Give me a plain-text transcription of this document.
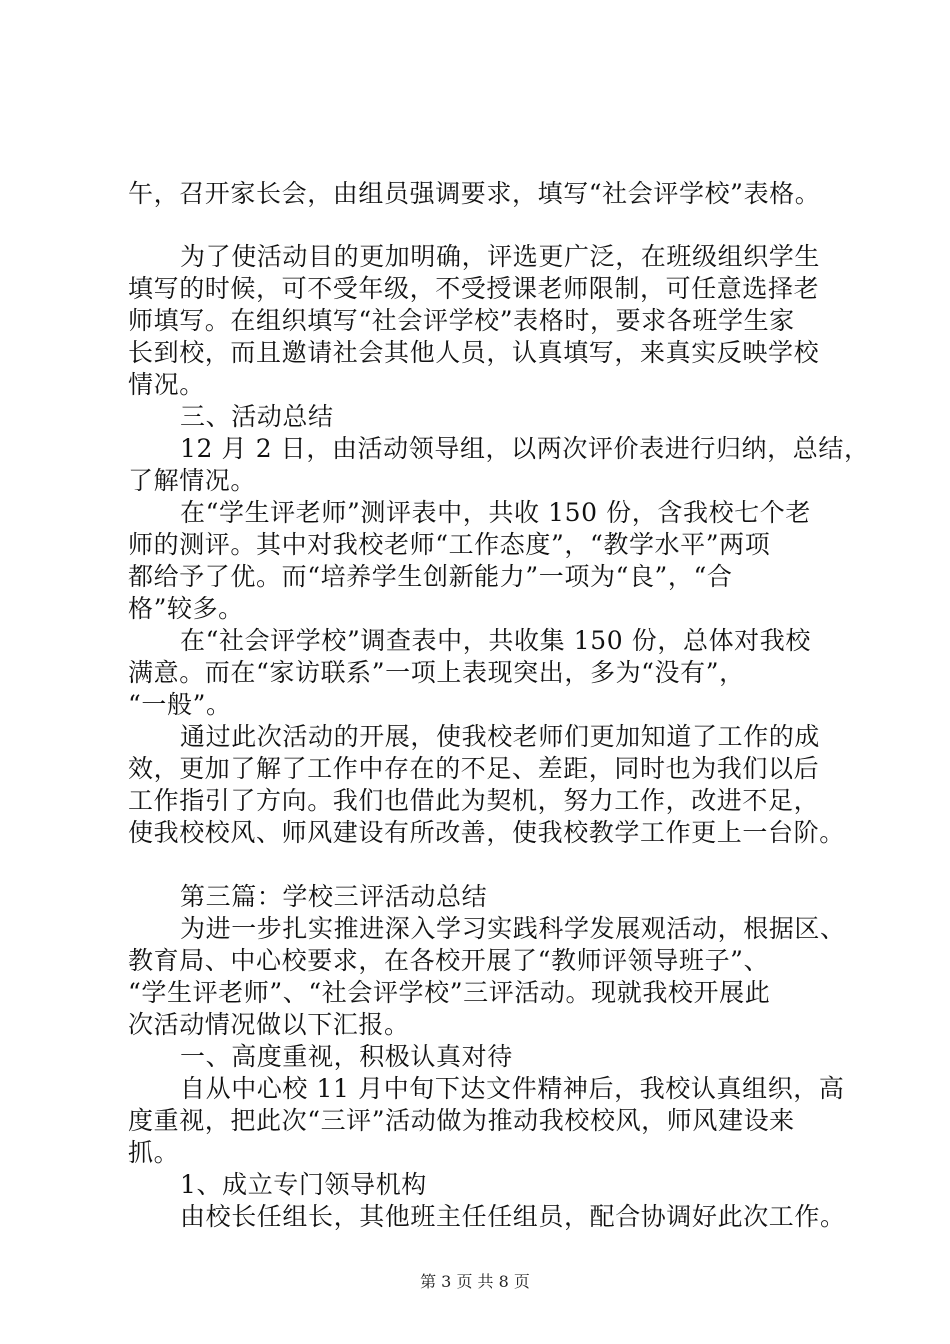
午，召开家长会，由组员强调要求，填写“社会评学校”表格。
为了使活动目的更加明确，评选更广泛，在班级组织学生
填写的时候，可不受年级，不受授课老师限制，可任意选择老
师填写。在组织填写“社会评学校”表格时，要求各班学生家
长到校，而且邀请社会其他人员，认真填写，来真实反映学校
情况。
三、活动总结
12 月 2 日，由活动领导组，以两次评价表进行归纳，总结，
了解情况。
在“学生评老师”测评表中，共收 150 份，含我校七个老
师的测评。其中对我校老师“工作态度”，“教学水平”两项
都给予了优。而“培养学生创新能力”一项为“良”，“合
格”较多。
在“社会评学校”调查表中，共收集 150 份，总体对我校
满意。而在“家访联系”一项上表现突出，多为“没有”，
“一般”。
通过此次活动的开展，使我校老师们更加知道了工作的成
效，更加了解了工作中存在的不足、差距，同时也为我们以后
工作指引了方向。我们也借此为契机，努力工作，改进不足，
使我校校风、师风建设有所改善，使我校教学工作更上一台阶。
第三篇：学校三评活动总结
为进一步扎实推进深入学习实践科学发展观活动，根据区、
教育局、中心校要求，在各校开展了“教师评领导班子”、
“学生评老师”、“社会评学校”三评活动。现就我校开展此
次活动情况做以下汇报。
一、高度重视，积极认真对待
自从中心校 11 月中旬下达文件精神后，我校认真组织，高
度重视，把此次“三评”活动做为推动我校校风，师风建设来
抓。
1、成立专门领导机构
由校长任组长，其他班主任任组员，配合协调好此次工作。
第 3 页 共 8 页
